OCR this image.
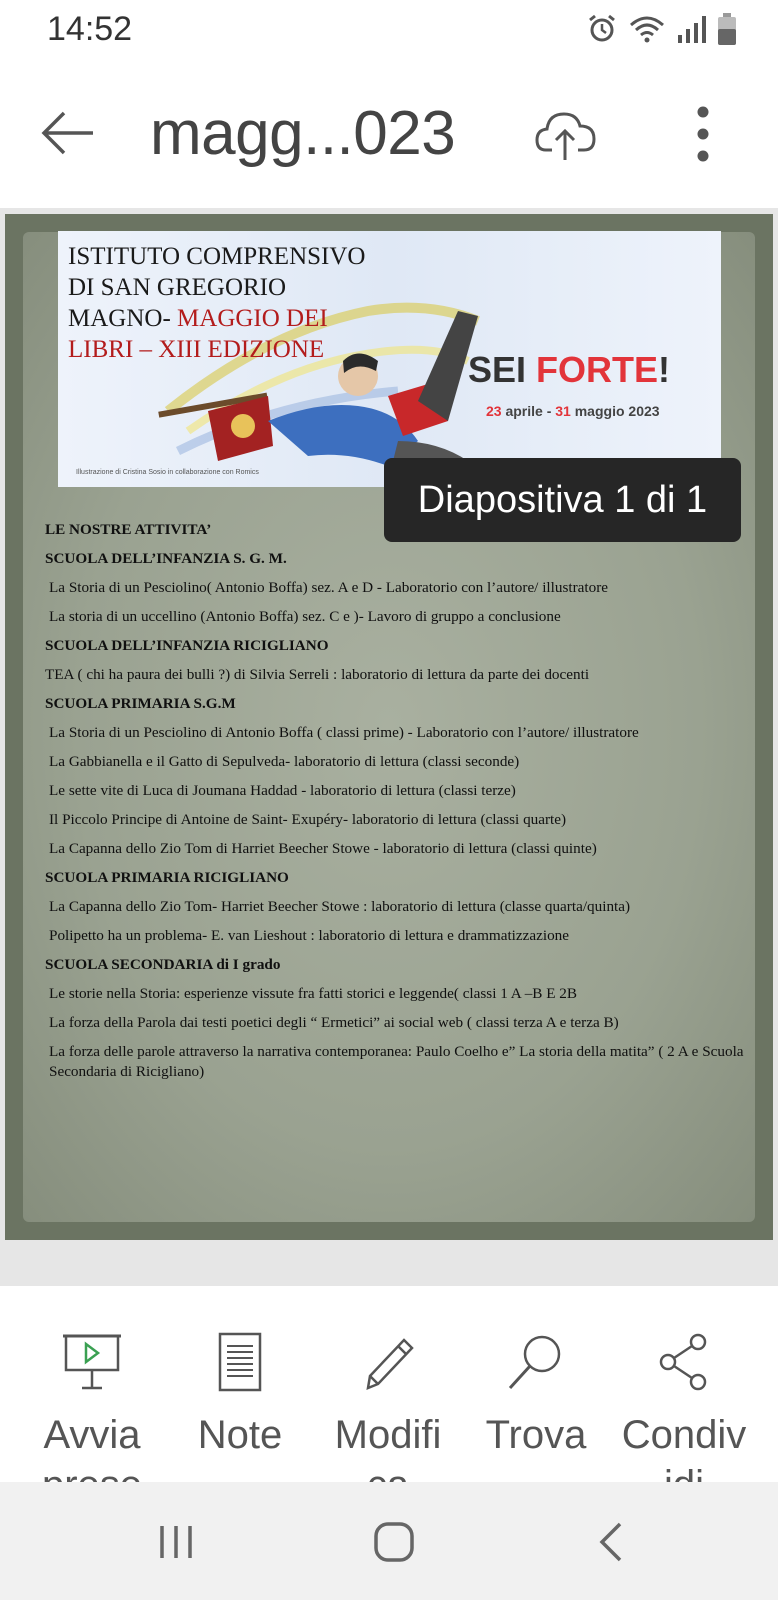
14:52
magg...023
ISTITUTO COMPRENSIVO DI SAN GREGORIO MAGNO- MAGGIO DEI LIBRI – XIII EDIZIONE	SEI FORTE!
23 aprile - 31 maggio 2023
Illustrazione di Cristina Sosio in collaborazione con Romics
LE NOSTRE ATTIVITA’
SCUOLA DELL’INFANZIA S. G. M.
La Storia di un Pesciolino( Antonio Boffa) sez. A e D - Laboratorio con l’autore/ illustratore
La storia di un uccellino (Antonio Boffa) sez. C e )- Lavoro di gruppo a conclusione
SCUOLA DELL’INFANZIA RICIGLIANO
TEA ( chi ha paura dei bulli ?) di Silvia Serreli : laboratorio di lettura da parte dei docenti
SCUOLA PRIMARIA S.G.M
La Storia di un Pesciolino di Antonio Boffa ( classi prime) - Laboratorio con l’autore/ illustratore
La Gabbianella e il Gatto di Sepulveda- laboratorio di lettura (classi seconde)
Le sette vite di Luca di Joumana Haddad - laboratorio di lettura (classi terze)
Il Piccolo Principe di Antoine de Saint- Exupéry- laboratorio di lettura (classi quarte)
La Capanna dello Zio Tom di Harriet Beecher Stowe - laboratorio di lettura (classi quinte)
SCUOLA PRIMARIA RICIGLIANO
La Capanna dello Zio Tom- Harriet Beecher Stowe : laboratorio di lettura (classe quarta/quinta)
Polipetto ha un problema- E. van Lieshout : laboratorio di lettura e drammatizzazione
SCUOLA SECONDARIA di I grado
Le storie nella Storia: esperienze vissute fra fatti storici e leggende( classi 1 A –B E 2B
La forza della Parola dai testi poetici degli “ Ermetici” ai social web ( classi terza A e terza B)
La forza delle parole attraverso la narrativa contemporanea: Paulo Coelho e” La storia della matita” ( 2 A e Scuola Secondaria di Ricigliano)
Diapositiva 1 di 1
Avvia	Note	Modifi	Trova Condiv
